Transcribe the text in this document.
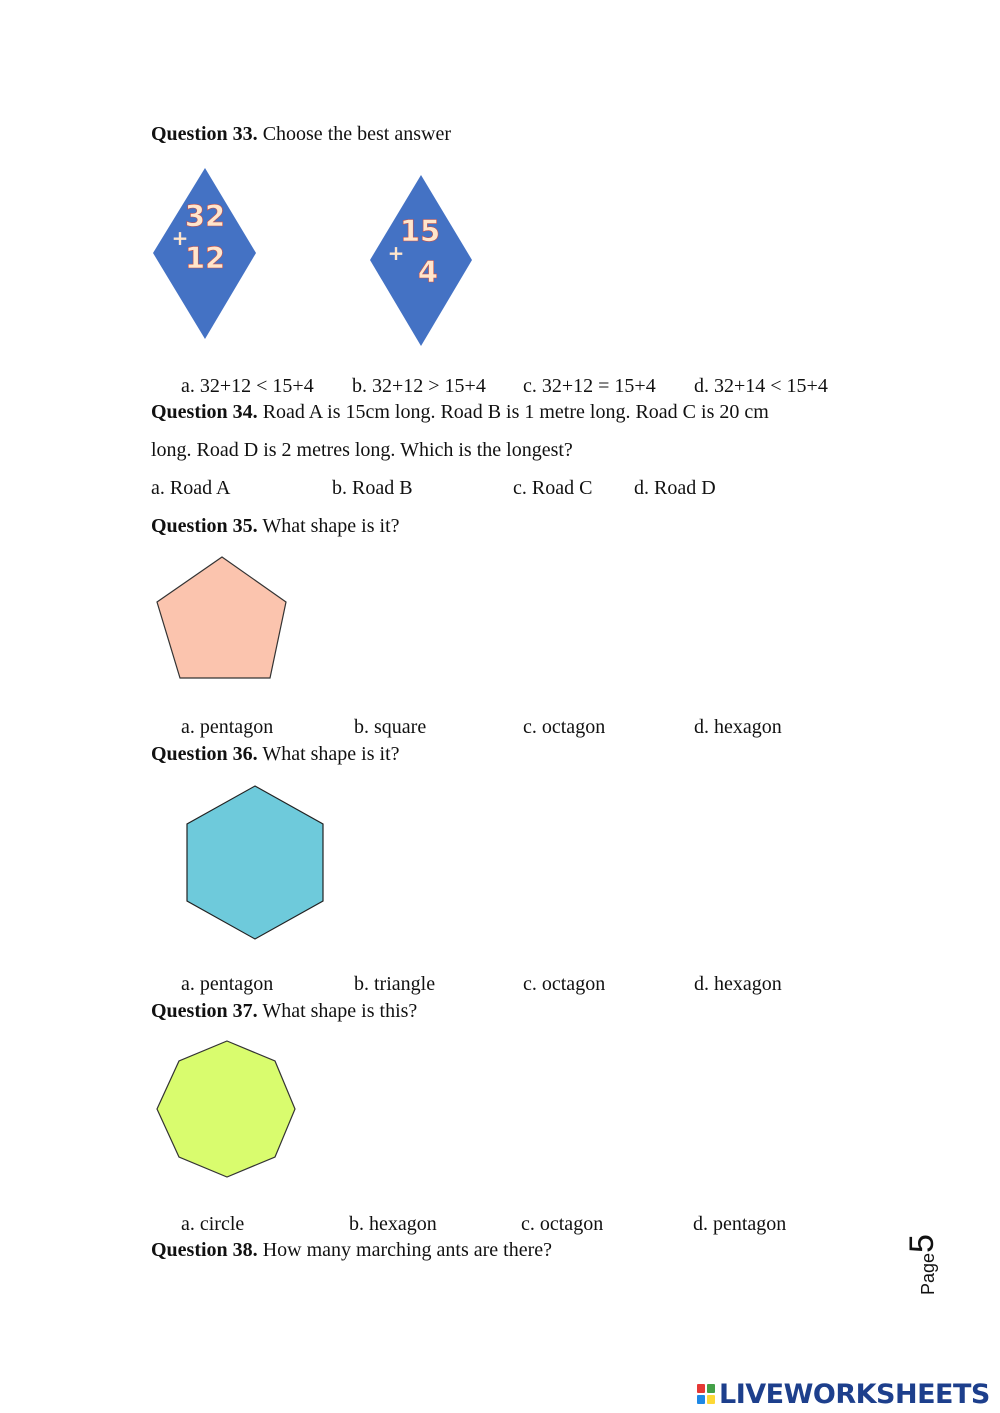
Question 33. Choose the best answer
32
+
12
15
+
4
a. 32+12 < 15+4 b. 32+12 > 15+4 c. 32+12 = 15+4 d. 32+14 < 15+4
Question 34. Road A is 15cm long. Road B is 1 metre long. Road C is 20 cm
long. Road D is 2 metres long. Which is the longest?
a. Road A	b. Road B	c. Road C d. Road D
Question 35. What shape is it?
a. pentagon	b. square	c. octagon	d. hexagon
Question 36. What shape is it?
a. pentagon	b. triangle	c. octagon	d. hexagon
Question 37. What shape is this?
a. circle	b. hexagon	c. octagon	d. pentagon
Question 38. How many marching ants are there?
Page5
LIVEWORKSHEETS
